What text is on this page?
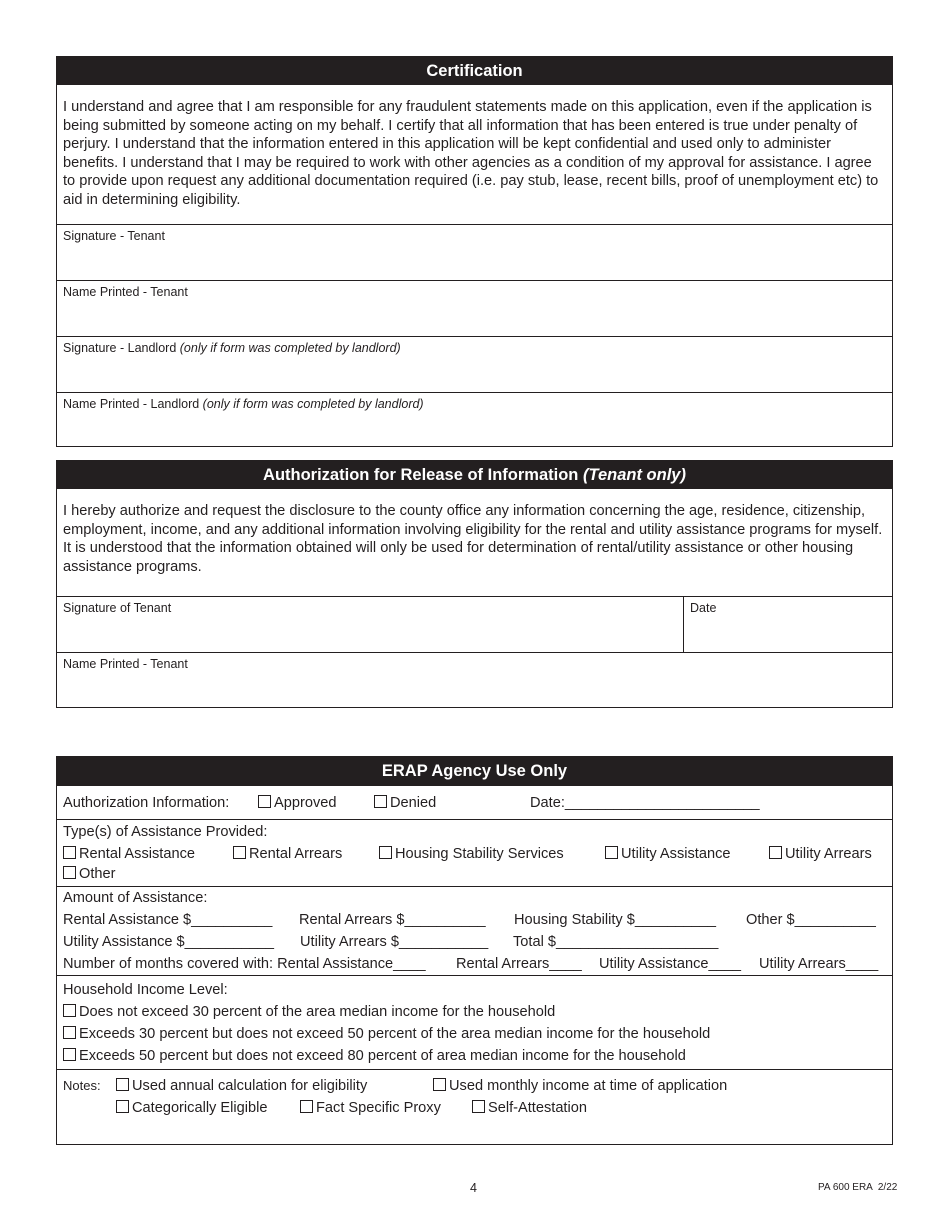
Certification
I understand and agree that I am responsible for any fraudulent statements made on this application, even if the application is being submitted by someone acting on my behalf. I certify that all information that has been entered is true under penalty of perjury. I understand that the information entered in this application will be kept confidential and used only to administer benefits. I understand that I may be required to work with other agencies as a condition of my approval for assistance. I agree to provide upon request any additional documentation required (i.e. pay stub, lease, recent bills, proof of unemployment etc) to aid in determining eligibility.
Signature - Tenant
Name Printed - Tenant
Signature - Landlord (only if form was completed by landlord)
Name Printed - Landlord (only if form was completed by landlord)
Authorization for Release of Information (Tenant only)
I hereby authorize and request the disclosure to the county office any information concerning the age, residence, citizenship, employment, income, and any additional information involving eligibility for the rental and utility assistance programs for myself. It is understood that the information obtained will only be used for determination of rental/utility assistance or other housing assistance programs.
Signature of Tenant	Date
Name Printed - Tenant
ERAP Agency Use Only
Authorization Information:	Approved	Denied	Date:________________________
Type(s) of Assistance Provided:
Rental Assistance	Rental Arrears	Housing Stability Services	Utility Assistance	Utility Arrears
Other
Amount of Assistance:
Rental Assistance $__________ Rental Arrears $__________ Housing Stability $__________ Other $__________
Utility Assistance $___________ Utility Arrears $___________ Total $____________________
Number of months covered with: Rental Assistance____ Rental Arrears____ Utility Assistance____ Utility Arrears____
Household Income Level:
Does not exceed 30 percent of the area median income for the household
Exceeds 30 percent but does not exceed 50 percent of the area median income for the household
Exceeds 50 percent but does not exceed 80 percent of area median income for the household
Notes:	Used annual calculation for eligibility	Used monthly income at time of application
Categorically Eligible	Fact Specific Proxy	Self-Attestation
4	PA 600 ERA  2/22
